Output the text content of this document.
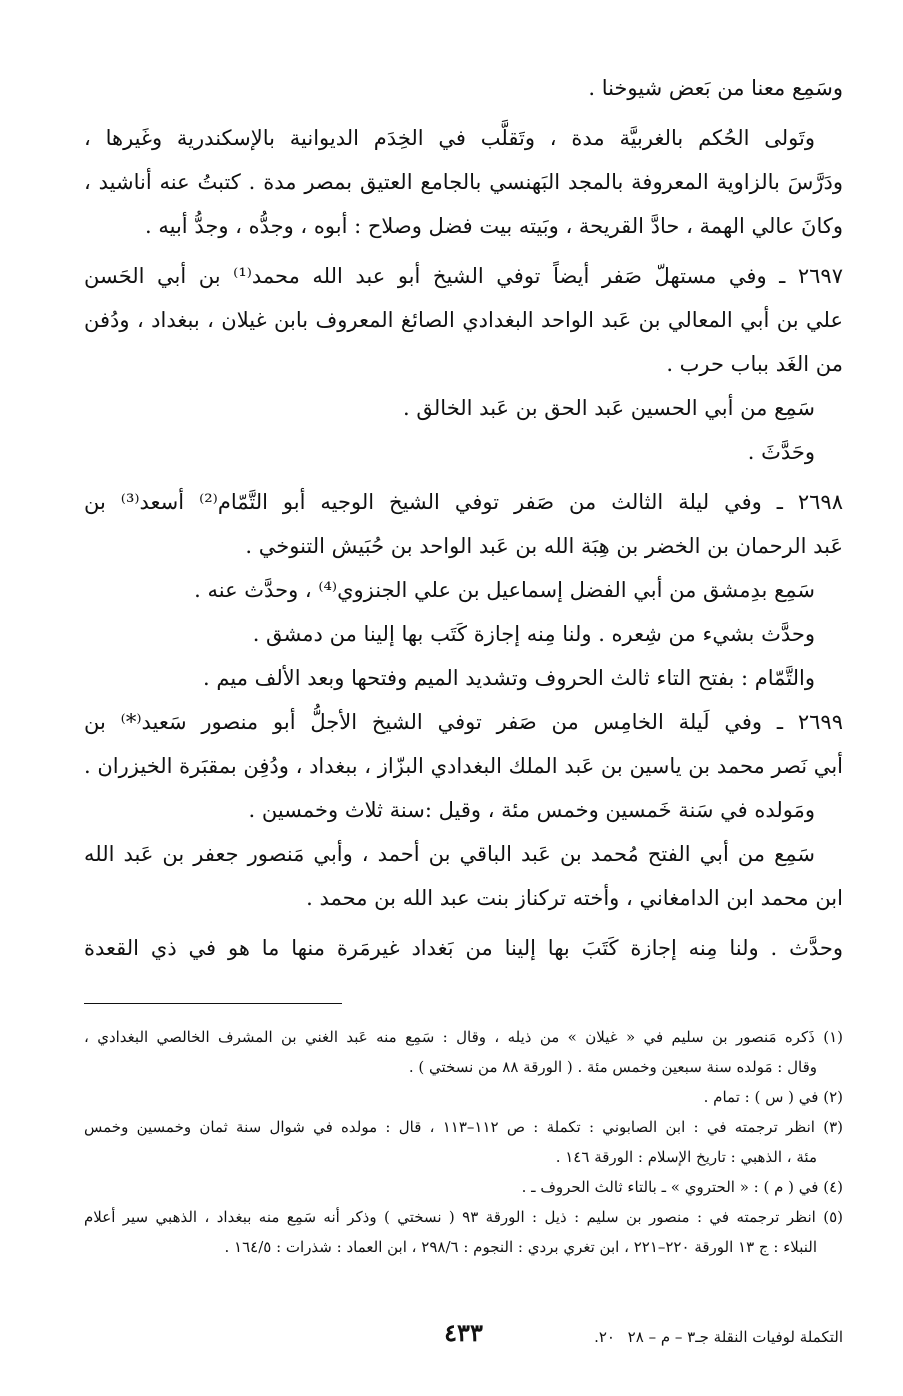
وسَمِع معنا من بَعض شيوخنا .
وتَولى الحُكم بالغربيَّة مدة ، وتَقلَّب في الخِدَم الديوانية بالإسكندرية وغَيرها ،
ودَرَّسَ بالزاوية المعروفة بالمجد البَهنسي بالجامع العتيق بمصر مدة . كتبتُ عنه أناشيد ،
وكانَ عالي الهمة ، حادَّ القريحة ، وبَيته بيت فضل وصلاح : أبوه ، وجدُّه ، وجدُّ أبيه .
٢٦٩٧ ـ وفي مستهلّ صَفر أيضاً توفي الشيخ أبو عبد الله محمد⁽¹⁾ بن أبي الحَسن
علي بن أبي المعالي بن عَبد الواحد البغدادي الصائغ المعروف بابن غيلان ، ببغداد ، ودُفن
من الغَد بباب حرب .
سَمِع من أبي الحسين عَبد الحق بن عَبد الخالق .
وحَدَّثَ .
٢٦٩٨ ـ وفي ليلة الثالث من صَفر توفي الشيخ الوجيه أبو التَّمّام⁽²⁾ أسعد⁽³⁾ بن
عَبد الرحمان بن الخضر بن هِبَة الله بن عَبد الواحد بن حُبَيش التنوخي .
سَمِع بدِمشق من أبي الفضل إسماعيل بن علي الجنزوي⁽⁴⁾ ، وحدَّث عنه .
وحدَّث بشيء من شِعره . ولنا مِنه إجازة كَتَب بها إلينا من دمشق .
والتَّمّام : بفتح التاء ثالث الحروف وتشديد الميم وفتحها وبعد الألف ميم .
٢٦٩٩ ـ وفي لَيلة الخامِس من صَفر توفي الشيخ الأجلُّ أبو منصور سَعيد⁽*⁾ بن
أبي نَصر محمد بن ياسين بن عَبد الملك البغدادي البزّاز ، ببغداد ، ودُفِن بمقبَرة الخيزران .
ومَولده في سَنة خَمسين وخمس مئة ، وقيل :سنة ثلاث وخمسين .
سَمِع من أبي الفتح مُحمد بن عَبد الباقي بن أحمد ، وأبي مَنصور جعفر بن عَبد الله
ابن محمد ابن الدامغاني ، وأخته تركناز بنت عبد الله بن محمد .
وحدَّث . ولنا مِنه إجازة كَتَبَ بها إلينا من بَغداد غيرمَرة منها ما هو في ذي القعدة
(١) ذَكره مَنصور بن سليم في « غيلان » من ذيله ، وقال : سَمِع منه عَبد الغني بن المشرف الخالصي البغدادي ،
وقال : مَولده سنة سبعين وخمس مئة . ( الورقة ٨٨ من نسختي ) .
(٢) في ( س ) : تمام .
(٣) انظر ترجمته في : ابن الصابوني : تكملة : ص ١١٢–١١٣ ، قال : مولده في شوال سنة ثمان وخمسين وخمس
مئة ، الذهبي : تاريخ الإسلام : الورقة ١٤٦ .
(٤) في ( م ) : « الحتروي » ـ بالتاء ثالث الحروف ـ .
(٥) انظر ترجمته في : منصور بن سليم : ذيل : الورقة ٩٣ ( نسختي ) وذكر أنه سَمِع منه ببغداد ، الذهبي سير أعلام
النبلاء : ج ١٣ الورقة ٢٢٠–٢٢١ ، ابن تغري بردي : النجوم : ٢٩٨/٦ ، ابن العماد : شذرات : ١٦٤/٥ .
التكملة لوفيات النقلة جـ٣ – م – ٢٨
٢٠.
٤٣٣
